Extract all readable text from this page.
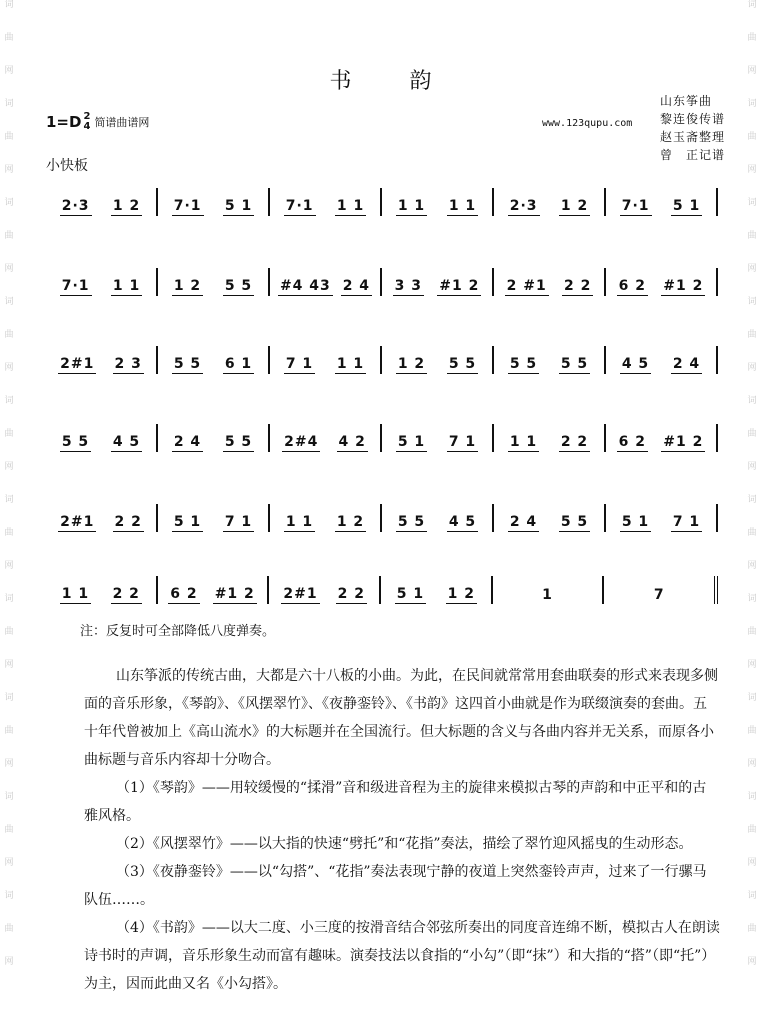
词
曲
网
词
曲
网
词
曲
网
词
曲
网
词
曲
网
词
曲
网
词
曲
网
词
曲
网
词
曲
网
词
曲
网
词
曲
网
词
曲
网
词
曲
网
词
曲
网
词
曲
网
词
曲
网
词
曲
网
词
曲
网
词
曲
网
词
曲
网
书韵
山东筝曲
黎连俊传谱
赵玉斋整理
曾　正记谱
1=D 2
4 简谱曲谱网	www.123qupu.com
小快板
2·3 1 2 7·1 5 1 7·1 1 1 1 1 1 1 2·3 1 2 7·1 5 1
7·1 1 1 1 2 5 5 #4 43 2 4 3 3 #1 2 2 #1 2 2 6 2 #1 2
2#1 2 3 5 5 6 1 7 1 1 1 1 2 5 5 5 5 5 5 4 5 2 4
5 5 4 5 2 4 5 5 2#4 4 2 5 1 7 1 1 1 2 2 6 2 #1 2
2#1 2 2 5 1 7 1 1 1 1 2 5 5 4 5 2 4 5 5 5 1 7 1
1 1 2 2 6 2 #1 2 2#1 2 2 5 1 1 2	1	7
注：反复时可全部降低八度弹奏。

山东筝派的传统古曲，大都是六十八板的小曲。为此，在民间就常常用套曲联奏的形式来表现多侧面的音乐形象，《琴韵》、《风摆翠竹》、《夜静銮铃》、《书韵》这四首小曲就是作为联缀演奏的套曲。五十年代曾被加上《高山流水》的大标题并在全国流行。但大标题的含义与各曲内容并无关系，而原各小曲标题与音乐内容却十分吻合。

（1）《琴韵》——用较缓慢的“揉滑”音和级进音程为主的旋律来模拟古琴的声韵和中正平和的古雅风格。

（2）《风摆翠竹》——以大指的快速“劈托”和“花指”奏法，描绘了翠竹迎风摇曳的生动形态。

（3）《夜静銮铃》——以“勾搭”、“花指”奏法表现宁静的夜道上突然銮铃声声，过来了一行骡马队伍……。

（4）《书韵》——以大二度、小三度的按滑音结合邻弦所奏出的同度音连绵不断，模拟古人在朗读诗书时的声调，音乐形象生动而富有趣味。演奏技法以食指的“小勾”（即“抹”）和大指的“搭”（即“托”）为主，因而此曲又名《小勾搭》。
